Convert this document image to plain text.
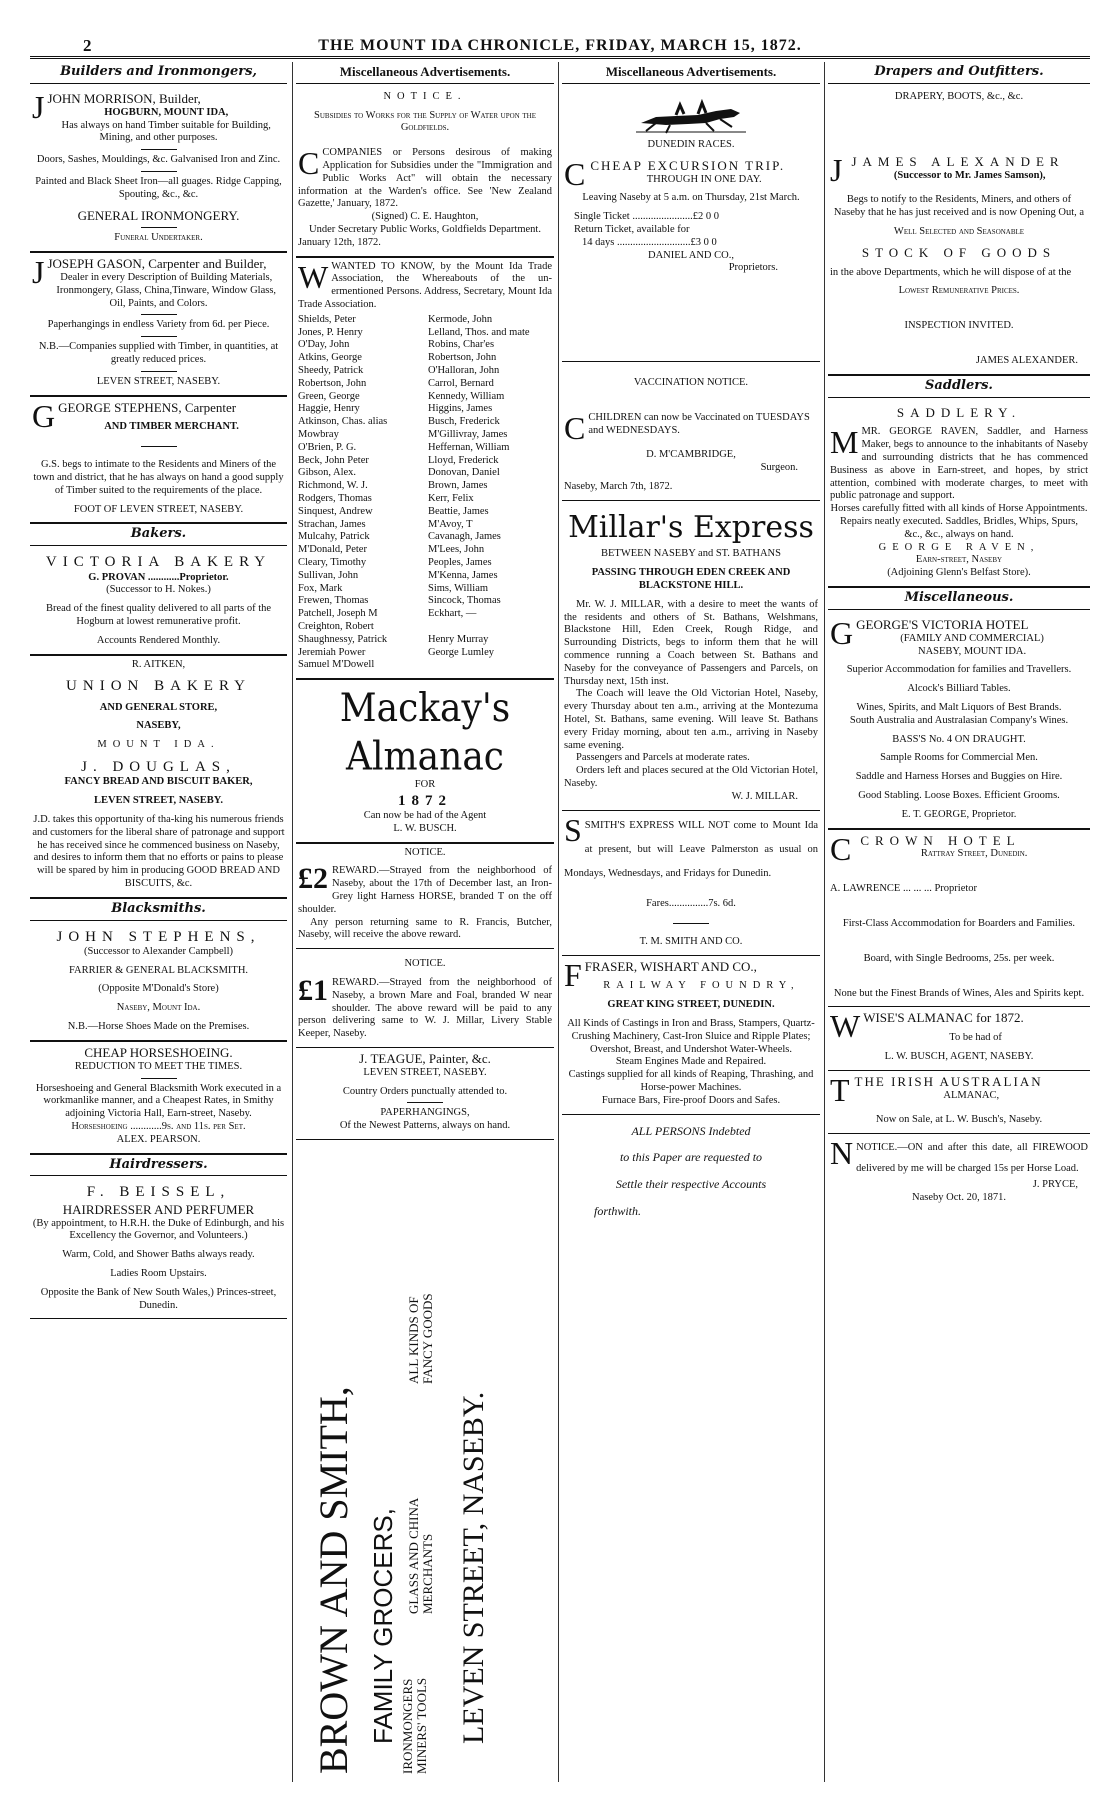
2	THE MOUNT IDA CHRONICLE, FRIDAY, MARCH 15, 1872.
Builders and Ironmongers,
JJOHN MORRISON, Builder,
HOGBURN, MOUNT IDA,
Has always on hand Timber suitable for Building, Mining, and other purposes.
Doors, Sashes, Mouldings, &c. Galvanised Iron and Zinc.
Painted and Black Sheet Iron—all guages. Ridge Capping, Spouting, &c., &c.
GENERAL IRONMONGERY.
Funeral Undertaker.
JJOSEPH GASON, Carpenter and Builder,
Dealer in every Description of Building Materials, Ironmongery, Glass, China,Tinware, Window Glass, Oil, Paints, and Colors.
Paperhangings in endless Variety from 6d. per Piece.
N.B.—Companies supplied with Timber, in quantities, at greatly reduced prices.
LEVEN STREET, NASEBY.
GGEORGE STEPHENS, Carpenter
AND TIMBER MERCHANT.
G.S. begs to intimate to the Residents and Miners of the town and district, that he has always on hand a good supply of Timber suited to the requirements of the place.
FOOT OF LEVEN STREET, NASEBY.
Bakers.
VICTORIA BAKERY
G. PROVAN ............Proprietor.
(Successor to H. Nokes.)
Bread of the finest quality delivered to all parts of the Hogburn at lowest remunerative profit.
Accounts Rendered Monthly.
R. AITKEN,
UNION BAKERY
AND GENERAL STORE,
NASEBY,
MOUNT IDA.
J. DOUGLAS,
FANCY BREAD AND BISCUIT BAKER,
LEVEN STREET, NASEBY.
J.D. takes this opportunity of tha-king his numerous friends and customers for the liberal share of patronage and support he has received since he commenced business on Naseby, and desires to inform them that no efforts or pains to please will be spared by him in producing GOOD BREAD AND BISCUITS, &c.
Blacksmiths.
JOHN STEPHENS,
(Successor to Alexander Campbell)
FARRIER & GENERAL BLACKSMITH.
(Opposite M'Donald's Store)
Naseby, Mount Ida.
N.B.—Horse Shoes Made on the Premises.
CHEAP HORSESHOEING.
REDUCTION TO MEET THE TIMES.
Horseshoeing and General Blacksmith Work executed in a workmanlike manner, and a Cheapest Rates, in Smithy adjoining Victoria Hall, Earn-street, Naseby.
Horseshoeing ............9s. and 11s. per Set.
ALEX. PEARSON.
Hairdressers.
F. BEISSEL,
HAIRDRESSER AND PERFUMER
(By appointment, to H.R.H. the Duke of Edinburgh, and his Excellency the Governor, and Volunteers.)
Warm, Cold, and Shower Baths always ready.
Ladies Room Upstairs.
Opposite the Bank of New South Wales,) Princes-street, Dunedin.
Miscellaneous Advertisements.
NOTICE.
Subsidies to Works for the Supply of Water upon the Goldfields.
CCOMPANIES or Persons desirous of making Application for Subsidies under the "Immigration and Public Works Act" will obtain the necessary information at the Warden's office. See 'New Zealand Gazette,' January, 1872.
(Signed) C. E. Haughton,
Under Secretary Public Works, Goldfields Department.
January 12th, 1872.
WWANTED TO KNOW, by the Mount Ida Trade Association, the Whereabouts of the un-ermentioned Persons. Address, Secretary, Mount Ida Trade Association.
Shields, Peter
Jones, P. Henry
O'Day, John
Atkins, George
Sheedy, Patrick
Robertson, John
Green, George
Haggie, Henry
Atkinson, Chas. alias Mowbray
O'Brien, P. G.
Beck, John Peter
Gibson, Alex.
Richmond, W. J.
Rodgers, Thomas
Sinquest, Andrew
Strachan, James
Mulcahy, Patrick
M'Donald, Peter
Cleary, Timothy
Sullivan, John
Fox, Mark
Frewen, Thomas
Patchell, Joseph M
Creighton, Robert
Shaughnessy, Patrick
Jeremiah Power
Samuel M'Dowell
Kermode, John
Lelland, Thos. and mate
Robins, Char'es
Robertson, John
O'Halloran, John
Carrol, Bernard
Kennedy, William
Higgins, James
Busch, Frederick
M'Gillivray, James
Heffernan, William
Lloyd, Frederick
Donovan, Daniel
Brown, James
Kerr, Felix
Beattie, James
M'Avoy, T
Cavanagh, James
M'Lees, John
Peoples, James
M'Kenna, James
Sims, William
Sincock, Thomas
Eckhart, —

Henry Murray
George Lumley
Mackay's Almanac
FOR
1872
Can now be had of the Agent
L. W. BUSCH.
NOTICE.
£2 REWARD.—Strayed from the neighborhood of Naseby, about the 17th of December last, an Iron-Grey light Harness HORSE, branded T on the off shoulder.
Any person returning same to R. Francis, Butcher, Naseby, will receive the above reward.
NOTICE.
£1 REWARD.—Strayed from the neighborhood of Naseby, a brown Mare and Foal, branded W near shoulder. The above reward will be paid to any person delivering same to W. J. Millar, Livery Stable Keeper, Naseby.
J. TEAGUE, Painter, &c.
LEVEN STREET, NASEBY.
Country Orders punctually attended to.
PAPERHANGINGS,
Of the Newest Patterns, always on hand.
BROWN AND SMITH, FAMILY GROCERS, IRONMONGERS MINERS' TOOLS
GLASS AND CHINA MERCHANTS
ALL KINDS OF FANCY GOODS
LEVEN STREET, NASEBY.
Miscellaneous Advertisements.
DUNEDIN RACES.
CCHEAP EXCURSION TRIP.
THROUGH IN ONE DAY.
Leaving Naseby at 5 a.m. on Thursday, 21st March.
Single Ticket .......................£2 0 0
Return Ticket, available for
14 days ............................£3 0 0
DANIEL AND CO.,
Proprietors.
VACCINATION NOTICE.
CCHILDREN can now be Vaccinated on TUESDAYS and WEDNESDAYS.
D. M'CAMBRIDGE,
Surgeon.
Naseby, March 7th, 1872.
Millar's Express
BETWEEN NASEBY and ST. BATHANS
PASSING THROUGH EDEN CREEK AND BLACKSTONE HILL.
Mr. W. J. MILLAR, with a desire to meet the wants of the residents and others of St. Bathans, Welshmans, Blackstone Hill, Eden Creek, Rough Ridge, and Surrounding Districts, begs to inform them that he will commence running a Coach between St. Bathans and Naseby for the conveyance of Passengers and Parcels, on Thursday next, 15th inst.
The Coach will leave the Old Victorian Hotel, Naseby, every Thursday about ten a.m., arriving at the Montezuma Hotel, St. Bathans, same evening. Will leave St. Bathans every Friday morning, about ten a.m., arriving in Naseby same evening.
Passengers and Parcels at moderate rates.
Orders left and places secured at the Old Victorian Hotel, Naseby.
W. J. MILLAR.
SSMITH'S EXPRESS WILL NOT come to Mount Ida at present, but will Leave Palmerston as usual on Mondays, Wednesdays, and Fridays for Dunedin.
Fares...............7s. 6d.
T. M. SMITH AND CO.
FFRASER, WISHART AND CO.,
RAILWAY FOUNDRY,
GREAT KING STREET, DUNEDIN.
All Kinds of Castings in Iron and Brass, Stampers, Quartz-Crushing Machinery, Cast-Iron Sluice and Ripple Plates; Overshot, Breast, and Undershot Water-Wheels.
Steam Engines Made and Repaired.
Castings supplied for all kinds of Reaping, Thrashing, and Horse-power Machines.
Furnace Bars, Fire-proof Doors and Safes.
ALL PERSONS Indebted
to this Paper are requested to
Settle their respective Accounts
forthwith.
Drapers and Outfitters.
DRAPERY, BOOTS, &c., &c.
JJAMES ALEXANDER
(Successor to Mr. James Samson),
Begs to notify to the Residents, Miners, and others of Naseby that he has just received and is now Opening Out, a
Well Selected and Seasonable
STOCK OF GOODS
in the above Departments, which he will dispose of at the
Lowest Remunerative Prices.
INSPECTION INVITED.
JAMES ALEXANDER.
Saddlers.
SADDLERY.
MMR. GEORGE RAVEN, Saddler, and Harness Maker, begs to announce to the inhabitants of Naseby and surrounding districts that he has commenced Business as above in Earn-street, and hopes, by strict attention, combined with moderate charges, to meet with public patronage and support.
Horses carefully fitted with all kinds of Horse Appointments. Repairs neatly executed. Saddles, Bridles, Whips, Spurs, &c., &c., always on hand.
GEORGE RAVEN,
Earn-street, Naseby
(Adjoining Glenn's Belfast Store).
Miscellaneous.
GGEORGE'S VICTORIA HOTEL
(FAMILY AND COMMERCIAL)
NASEBY, MOUNT IDA.
Superior Accommodation for families and Travellers.
Alcock's Billiard Tables.
Wines, Spirits, and Malt Liquors of Best Brands.
South Australia and Australasian Company's Wines.
BASS'S No. 4 ON DRAUGHT.
Sample Rooms for Commercial Men.
Saddle and Harness Horses and Buggies on Hire.
Good Stabling. Loose Boxes. Efficient Grooms.
E. T. GEORGE, Proprietor.
CCROWN HOTEL
Rattray Street, Dunedin.
A. LAWRENCE ... ... ... Proprietor
First-Class Accommodation for Boarders and Families.
Board, with Single Bedrooms, 25s. per week.
None but the Finest Brands of Wines, Ales and Spirits kept.
WWISE'S ALMANAC for 1872.
To be had of
L. W. BUSCH, AGENT, NASEBY.
TTHE IRISH AUSTRALIAN
ALMANAC,
Now on Sale, at L. W. Busch's, Naseby.
NNOTICE.—ON and after this date, all FIREWOOD delivered by me will be charged 15s per Horse Load.
J. PRYCE,
Naseby Oct. 20, 1871.
